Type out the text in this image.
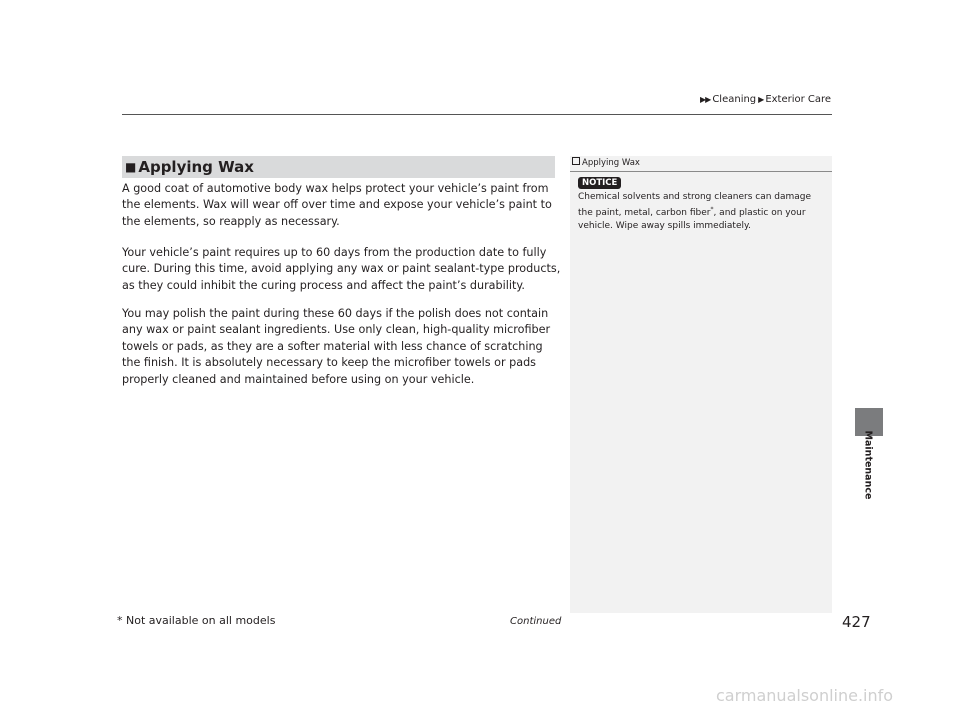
▶▶ Cleaning ▶ Exterior Care
■ Applying Wax

A good coat of automotive body wax helps protect your vehicle’s paint from the elements. Wax will wear off over time and expose your vehicle’s paint to the elements, so reapply as necessary.

Your vehicle’s paint requires up to 60 days from the production date to fully cure. During this time, avoid applying any wax or paint sealant-type products, as they could inhibit the curing process and affect the paint’s durability.

You may polish the paint during these 60 days if the polish does not contain any wax or paint sealant ingredients. Use only clean, high-quality microfiber towels or pads, as they are a softer material with less chance of scratching the finish. It is absolutely necessary to keep the microfiber towels or pads properly cleaned and maintained before using on your vehicle.

Applying Wax
NOTICE
Chemical solvents and strong cleaners can damage the paint, metal, carbon fiber*, and plastic on your vehicle. Wipe away spills immediately.
Maintenance
* Not available on all models	Continued	427
carmanualsonline.info
